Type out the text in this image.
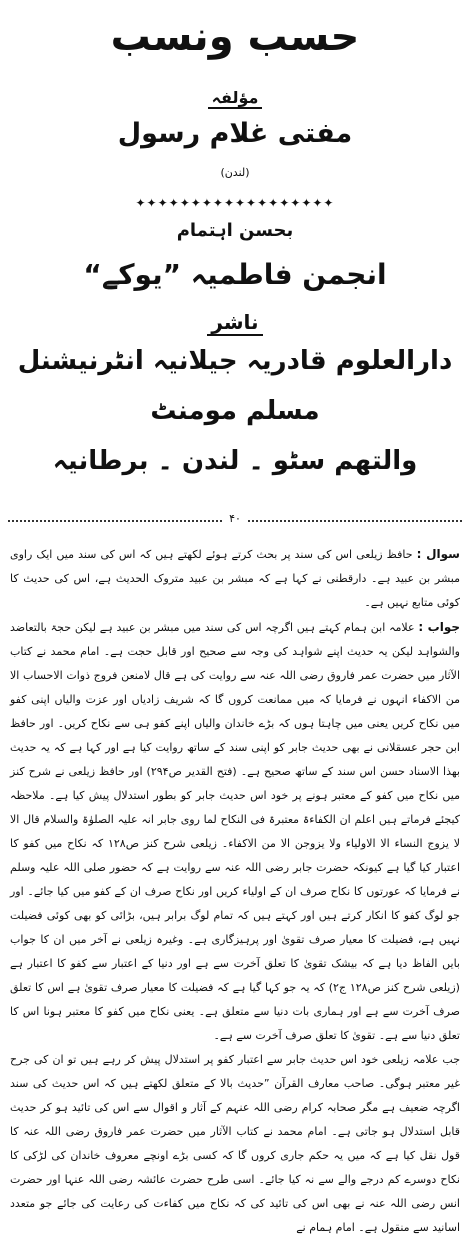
حسب ونسب
مؤلفہ
مفتی غلام رسول
(لندن)
✦✦✦✦✦✦✦✦✦✦✦✦✦✦✦✦✦✦
بحسن اہتمام
انجمن فاطمیہ ”یوکے“
ناشر
دارالعلوم قادریہ جیلانیہ انٹرنیشنل
مسلم مومنٹ
والتھم سٹو ۔ لندن ۔ برطانیہ
۴۰

سوال : حافظ زیلعی اس کی سند پر بحث کرتے ہوئے لکھتے ہیں کہ اس کی سند میں ایک راوی مبشر بن عبید ہے۔ دارقطنی نے کہا ہے کہ مبشر بن عبید متروک الحدیث ہے، اس کی حدیث کا کوئی متابع نہیں ہے۔

جواب : علامہ ابن ہمام کہتے ہیں اگرچہ اس کی سند میں مبشر بن عبید ہے لیکن حجۃ بالتعاضد والشواہد لیکن یہ حدیث اپنے شواہد کی وجہ سے صحیح اور قابل حجت ہے۔ امام محمد نے کتاب الآثار میں حضرت عمر فاروق رضی اللہ عنہ سے روایت کی ہے قال لامنعن فروج ذوات الاحساب الا من الاکفاء انہوں نے فرمایا کہ میں ممانعت کروں گا کہ شریف زادیاں اور عزت والیاں اپنی کفو میں نکاح کریں یعنی میں چاہتا ہوں کہ بڑے خاندان والیاں اپنے کفو ہی سے نکاح کریں۔ اور حافظ ابن حجر عسقلانی نے بھی حدیث جابر کو اپنی سند کے ساتھ روایت کیا ہے اور کہا ہے کہ یہ حدیث بھذا الاسناد حسن اس سند کے ساتھ صحیح ہے۔ (فتح القدیر ص۲۹۴) اور حافظ زیلعی نے شرح کنز میں نکاح میں کفو کے معتبر ہونے پر خود اس حدیث جابر کو بطور استدلال پیش کیا ہے۔ ملاحظہ کیجئے فرماتے ہیں اعلم ان الکفاءۃ معتبرۃ فی النکاح لما روی جابر انہ علیہ الصلوٰۃ والسلام قال الا لا یزوج النساء الا الاولیاء ولا یزوجن الا من الاکفاء۔ زیلعی شرح کنز ص۱۲۸ کہ نکاح میں کفو کا اعتبار کیا گیا ہے کیونکہ حضرت جابر رضی اللہ عنہ سے روایت ہے کہ حضور صلی اللہ علیہ وسلم نے فرمایا کہ عورتوں کا نکاح صرف ان کے اولیاء کریں اور نکاح صرف ان کے کفو میں کیا جائے۔ اور جو لوگ کفو کا انکار کرتے ہیں اور کہتے ہیں کہ تمام لوگ برابر ہیں، بڑائی کو بھی کوئی فضیلت نہیں ہے، فضیلت کا معیار صرف تقویٰ اور پرہیزگاری ہے۔ وغیرہ زیلعی نے آخر میں ان کا جواب بایں الفاظ دیا ہے کہ بیشک تقویٰ کا تعلق آخرت سے ہے اور دنیا کے اعتبار سے کفو کا اعتبار ہے (زیلعی شرح کنز ص۱۲۸ ج۲) کہ یہ جو کہا گیا ہے کہ فضیلت کا معیار صرف تقویٰ ہے اس کا تعلق صرف آخرت سے ہے اور ہماری بات دنیا سے متعلق ہے۔ یعنی نکاح میں کفو کا معتبر ہونا اس کا تعلق دنیا سے ہے۔ تقویٰ کا تعلق صرف آخرت سے ہے۔

جب علامہ زیلعی خود اس حدیث جابر سے اعتبار کفو پر استدلال پیش کر رہے ہیں تو ان کی جرح غیر معتبر ہوگی۔ صاحب معارف القرآن ”حدیث بالا کے متعلق لکھتے ہیں کہ اس حدیث کی سند اگرچہ ضعیف ہے مگر صحابہ کرام رضی اللہ عنہم کے آثار و اقوال سے اس کی تائید ہو کر حدیث قابل استدلال ہو جاتی ہے۔ امام محمد نے کتاب الآثار میں حضرت عمر فاروق رضی اللہ عنہ کا قول نقل کیا ہے کہ میں یہ حکم جاری کروں گا کہ کسی بڑے اونچے معروف خاندان کی لڑکی کا نکاح دوسرے کم درجے والے سے نہ کیا جائے۔ اسی طرح حضرت عائشہ رضی اللہ عنہا اور حضرت انس رضی اللہ عنہ نے بھی اس کی تائید کی کہ نکاح میں کفاءت کی رعایت کی جائے جو متعدد اسانید سے منقول ہے۔ امام ہمام نے
